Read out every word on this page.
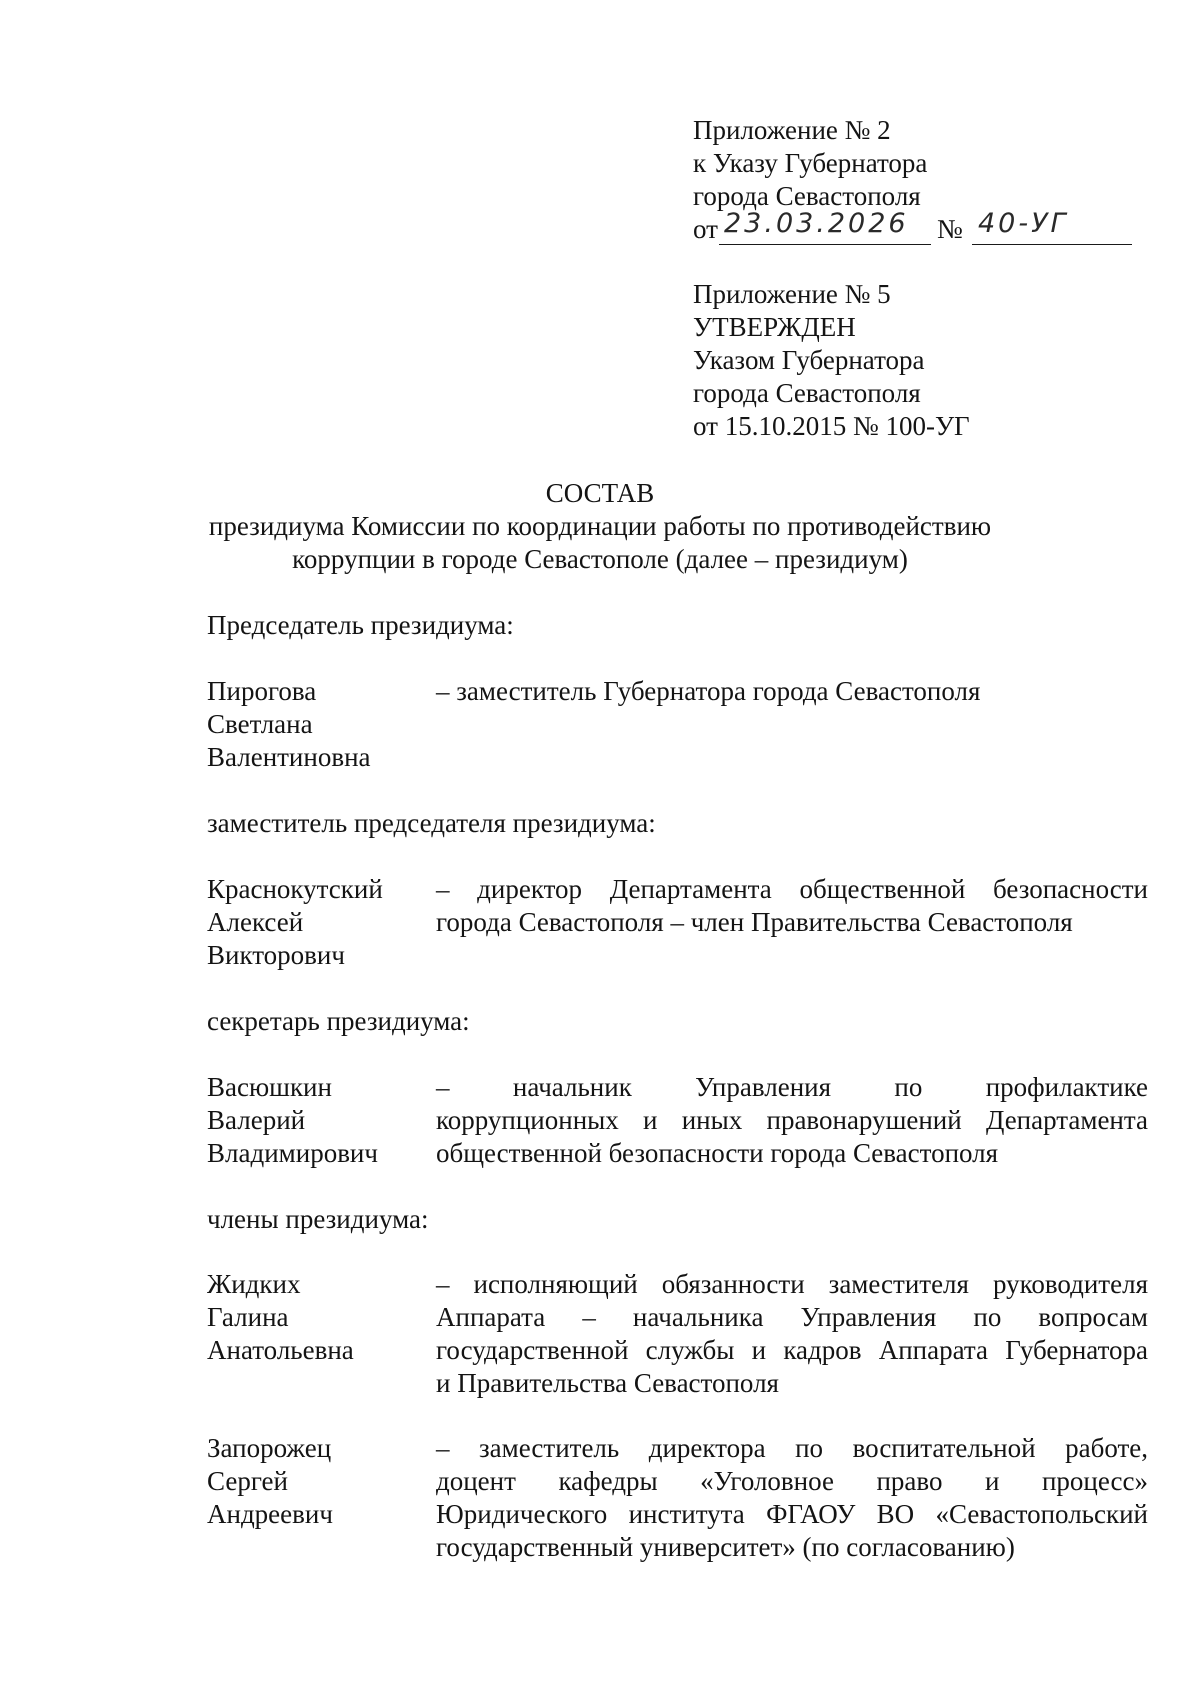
Приложение № 2
к Указу Губернатора
города Севастополя
от 23.03.2026 № 40-УГ
Приложение № 5
УТВЕРЖДЕН
Указом Губернатора
города Севастополя
от 15.10.2015 № 100-УГ
СОСТАВ
президиума Комиссии по координации работы по противодействию
коррупции в городе Севастополе (далее – президиум)
Председатель президиума:
Пирогова
Светлана
Валентиновна
– заместитель Губернатора города Севастополя
заместитель председателя президиума:
Краснокутский
Алексей
Викторович
– директор Департамента общественной безопасности
города Севастополя – член Правительства Севастополя
секретарь президиума:
Васюшкин
Валерий
Владимирович
– начальник Управления по профилактике
коррупционных и иных правонарушений Департамента
общественной безопасности города Севастополя
члены президиума:
Жидких
Галина
Анатольевна
– исполняющий обязанности заместителя руководителя
Аппарата – начальника Управления по вопросам
государственной службы и кадров Аппарата Губернатора
и Правительства Севастополя
Запорожец
Сергей
Андреевич
– заместитель директора по воспитательной работе,
доцент кафедры «Уголовное право и процесс»
Юридического института ФГАОУ ВО «Севастопольский
государственный университет» (по согласованию)
